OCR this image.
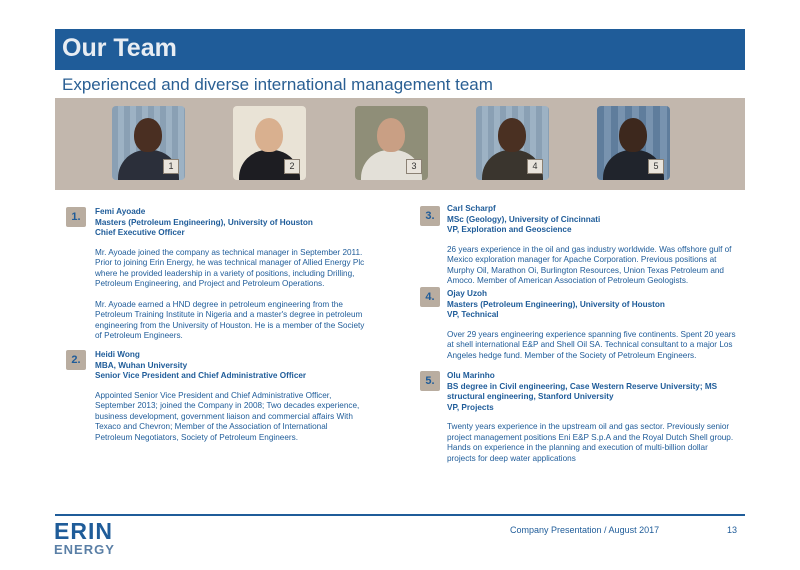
Our Team
Experienced and diverse international management team
1	2	3	4	5
1.	Femi Ayoade
Masters (Petroleum Engineering), University of Houston
Chief Executive Officer
Mr. Ayoade joined the company as technical manager in September 2011. Prior to joining Erin Energy, he was technical manager of Allied Energy Plc where he provided leadership in a variety of positions, including Drilling, Petroleum Engineering, and Project and Petroleum Operations.
Mr. Ayoade earned a HND degree in petroleum engineering from the Petroleum Training Institute in Nigeria and a master's degree in petroleum engineering from the University of Houston. He is a member of the Society of Petroleum Engineers.
2.	Heidi Wong
MBA, Wuhan University
Senior Vice President and Chief Administrative Officer
Appointed Senior Vice President and Chief Administrative Officer, September 2013; joined the Company in 2008; Two decades experience, business development, government liaison and commercial affairs With Texaco and Chevron; Member of the Association of International Petroleum Negotiators, Society of Petroleum Engineers.
3.
Carl Scharpf
MSc (Geology), University of Cincinnati
VP, Exploration and Geoscience
26 years experience in the oil and gas industry worldwide. Was offshore gulf of Mexico exploration manager for Apache Corporation. Previous positions at Murphy Oil, Marathon Oi, Burlington Resources, Union Texas Petroleum and Amoco. Member of American Association of Petroleum Geologists.
4.	Ojay Uzoh
Masters (Petroleum Engineering), University of Houston
VP, Technical
Over 29 years engineering experience spanning five continents. Spent 20 years at shell international E&P and Shell Oil SA. Technical consultant to a major Los Angeles hedge fund. Member of the Society of Petroleum Engineers.
5.	Olu Marinho
BS degree in Civil engineering, Case Western Reserve University; MS structural engineering, Stanford University
VP, Projects
Twenty years experience in the upstream oil and gas sector. Previously senior project management positions Eni E&P S.p.A and the Royal Dutch Shell group. Hands on experience in the planning and execution of multi-billion dollar projects for deep water applications
ERIN
ENERGY
Company Presentation / August 2017	13
